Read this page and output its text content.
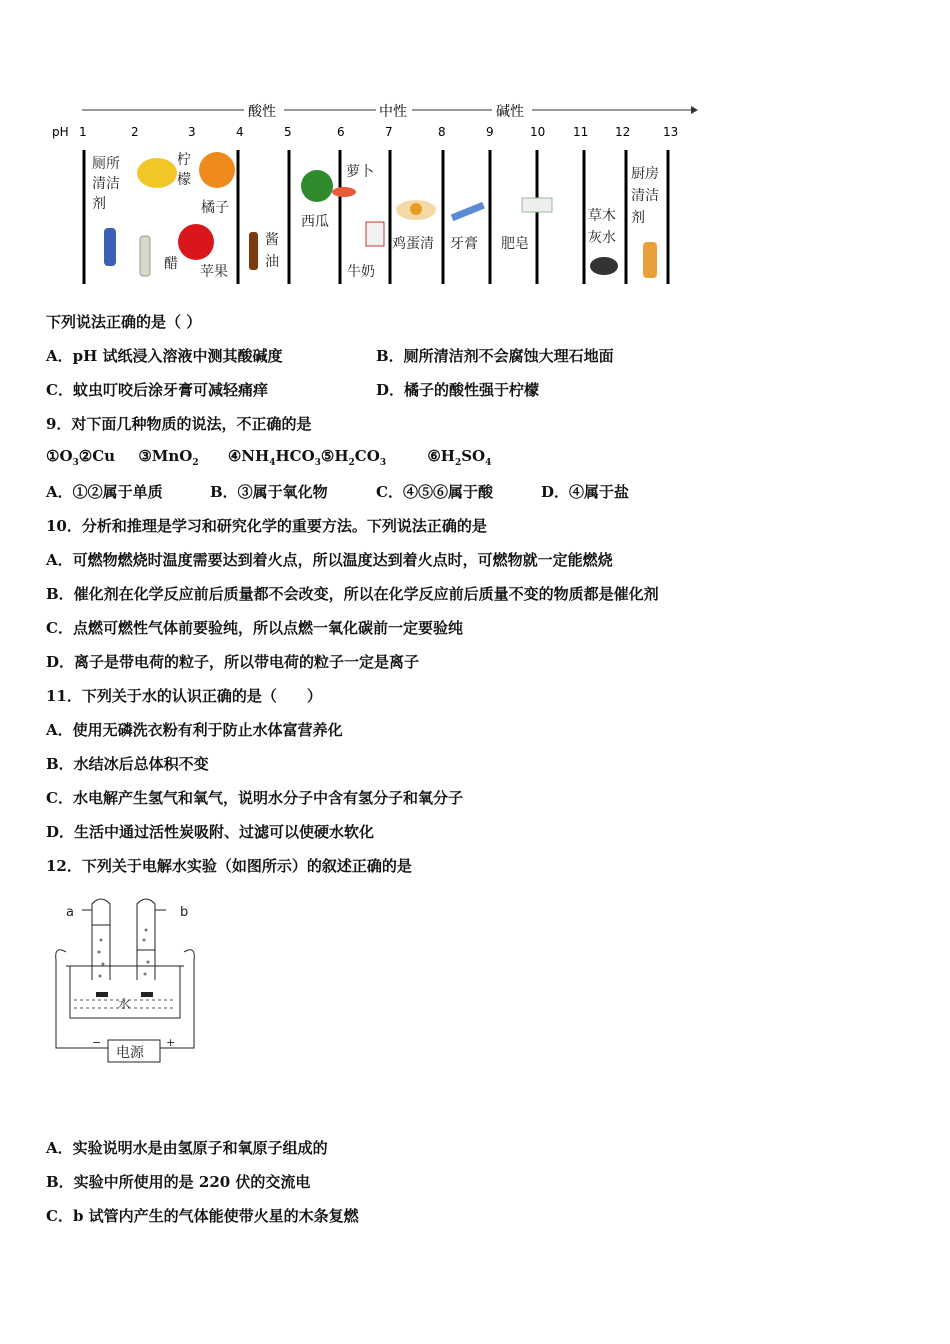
酸性	中性	碱性
pH 1	2	3	4	5	6	7	8	9	10 11 12	13
厕所清洁剂
柠檬
橘子
醋 苹果
酱油
西瓜
萝卜
牛奶
鸡蛋清 牙膏 肥皂
草木灰水
厨房清洁剂
下列说法正确的是（ ）
A．pH 试纸浸入溶液中测其酸碱度	B．厕所清洁剂不会腐蚀大理石地面
C．蚊虫叮咬后涂牙膏可减轻痛痒	D．橘子的酸性强于柠檬
9．对下面几种物质的说法，不正确的是
$①O_3②Cu$ ③MnO$_2$ $④NH_4HCO_3⑤H_2CO_3$	$⑥H_2SO_4$
A．①②属于单质	B．③属于氧化物	C．④⑤⑥属于酸	D．④属于盐
10．分析和推理是学习和研究化学的重要方法。下列说法正确的是
A．可燃物燃烧时温度需要达到着火点，所以温度达到着火点时，可燃物就一定能燃烧
B．催化剂在化学反应前后质量都不会改变，所以在化学反应前后质量不变的物质都是催化剂
C．点燃可燃性气体前要验纯，所以点燃一氧化碳前一定要验纯
D．离子是带电荷的粒子，所以带电荷的粒子一定是离子
11．下列关于水的认识正确的是（　　）
A．使用无磷洗衣粉有利于防止水体富营养化
B．水结冰后总体积不变
C．水电解产生氢气和氧气，说明水分子中含有氢分子和氧分子
D．生活中通过活性炭吸附、过滤可以使硬水软化
12．下列关于电解水实验（如图所示）的叙述正确的是
a	b
水
电源
−	+
A．实验说明水是由氢原子和氧原子组成的
B．实验中所使用的是 220 伏的交流电
C．b 试管内产生的气体能使带火星的木条复燃
